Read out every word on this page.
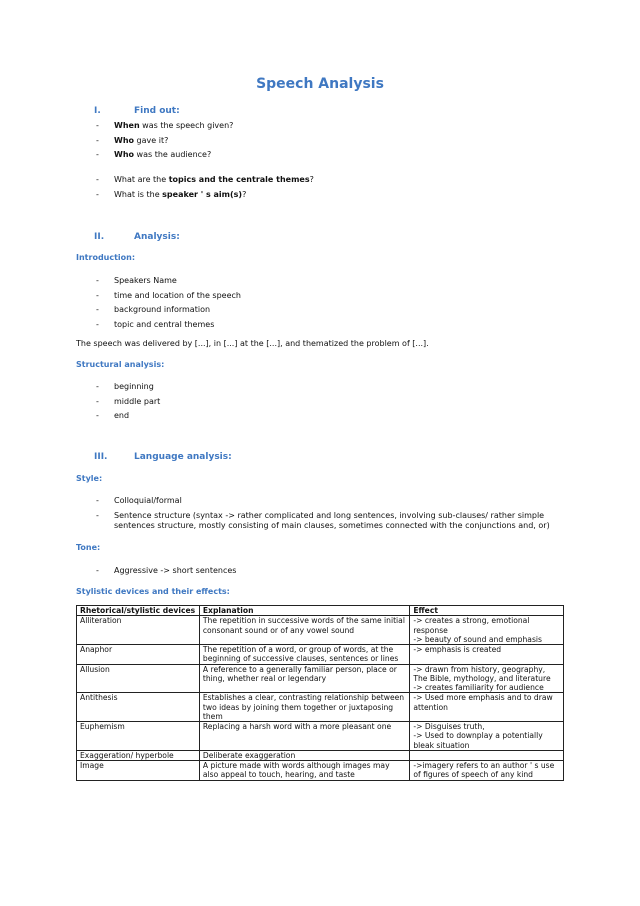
Speech Analysis
I.	Find out:
- When was the speech given?
- Who gave it?
- Who was the audience?
- What are the topics and the centrale themes?
- What is the speaker ' s aim(s)?
II.	Analysis:
Introduction:
- Speakers Name
- time and location of the speech
- background information
- topic and central themes
The speech was delivered by [...], in [...] at the [...], and thematized the problem of [...].
Structural analysis:
- beginning
- middle part
- end
III.	Language analysis:
Style:
- Colloquial/formal
- Sentence structure (syntax -> rather complicated and long sentences, involving sub-clauses/ rather simple sentences structure, mostly consisting of main clauses, sometimes connected with the conjunctions and, or)
Tone:
- Aggressive -> short sentences
Stylistic devices and their effects:
Rhetorical/stylistic devices	Explanation	Effect
Alliteration	The repetition in successive words of the same initial consonant sound or of any vowel sound	-> creates a strong, emotional response
-> beauty of sound and emphasis

Anaphor	The repetition of a word, or group of words, at the beginning of successive clauses, sentences or lines	-> emphasis is created
Allusion	A reference to a generally familiar person, place or thing, whether real or legendary	-> drawn from history, geography, The Bible, mythology, and literature
-> creates familiarity for audience

Antithesis	Establishes a clear, contrasting relationship between two ideas by joining them together or juxtaposing them	-> Used more emphasis and to draw attention
Euphemism	Replacing a harsh word with a more pleasant one	-> Disguises truth,
-> Used to downplay a potentially bleak situation

Exaggeration/ hyperbole	Deliberate exaggeration	
Image	A picture made with words although images may also appeal to touch, hearing, and taste	->imagery refers to an author ' s use of figures of speech of any kind
